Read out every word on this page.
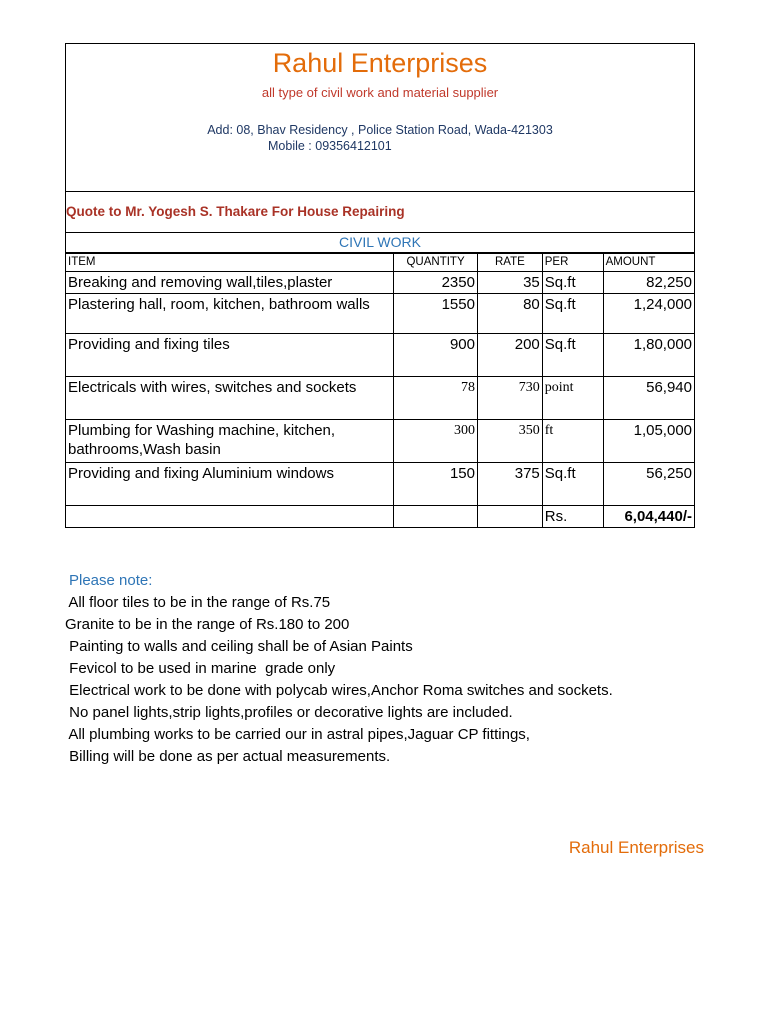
Rahul Enterprises
all type of civil work and material supplier
Add: 08, Bhav Residency , Police Station Road, Wada-421303
Mobile : 09356412101
Quote to Mr. Yogesh S. Thakare For House Repairing
CIVIL WORK
ITEM	QUANTITY	RATE	PER	AMOUNT
Breaking and removing wall,tiles,plaster	2350	35	Sq.ft	82,250
Plastering hall, room, kitchen, bathroom walls	1550	80	Sq.ft	1,24,000
Providing and fixing tiles	900	200	Sq.ft	1,80,000
Electricals with wires, switches and sockets	78	730	point	56,940
Plumbing for Washing machine, kitchen, bathrooms,Wash basin	300	350	ft	1,05,000
Providing and fixing Aluminium windows	150	375	Sq.ft	56,250
			Rs.	6,04,440/-
Please note:
All floor tiles to be in the range of Rs.75
Granite to be in the range of Rs.180 to 200
Painting to walls and ceiling shall be of Asian Paints
Fevicol to be used in marine  grade only
Electrical work to be done with polycab wires,Anchor Roma switches and sockets.
No panel lights,strip lights,profiles or decorative lights are included.
All plumbing works to be carried our in astral pipes,Jaguar CP fittings,
Billing will be done as per actual measurements.
Rahul Enterprises
